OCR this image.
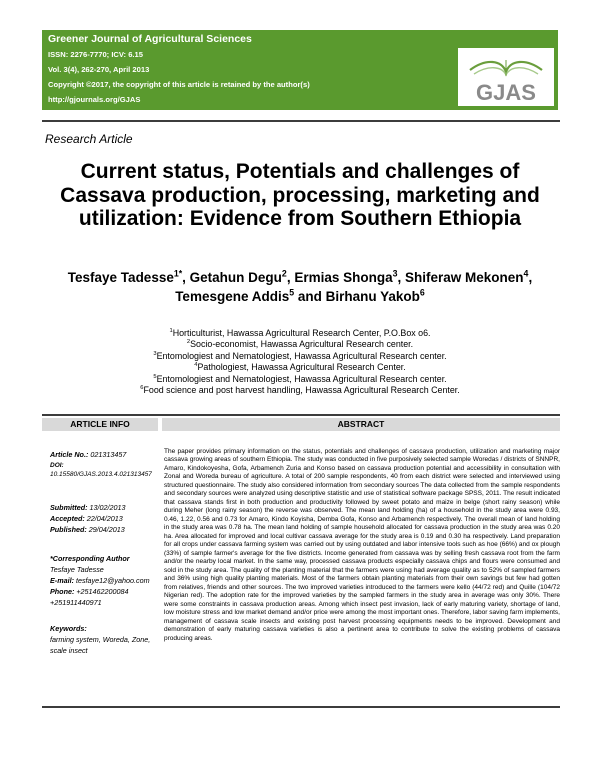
Greener Journal of Agricultural Sciences
ISSN: 2276-7770; ICV: 6.15
Vol. 3(4), 262-270, April 2013
Copyright ©2017, the copyright of this article is retained by the author(s)
http://gjournals.org/GJAS	GJAS
Research Article
Current status, Potentials and challenges of Cassava production, processing, marketing and utilization: Evidence from Southern Ethiopia
Tesfaye Tadesse$^{1*}$, Getahun Degu$^2$, Ermias Shonga$^3$, Shiferaw Mekonen$^4$, Temesgene Addis$^5$ and Birhanu Yakob$^6$
$^1$Horticulturist, Hawassa Agricultural Research Center, P.O.Box o6.
$^2$Socio-economist, Hawassa Agricultural Research center.
$^3$Entomologiest and Nematologiest, Hawassa Agricultural Research center.
$^4$Pathologiest, Hawassa Agricultural Research Center.
$^5$Entomologiest and Nematologiest, Hawassa Agricultural Research center.
$^6$Food science and post harvest handling, Hawassa Agricultural Research Center.
ARTICLE INFO	ABSTRACT
Article No.: 021313457
DOI: 10.15580/GJAS.2013.4.021313457
Submitted: 13/02/2013
Accepted: 22/04/2013
Published: 29/04/2013
*Corresponding Author
Tesfaye Tadesse
E-mail: tesfaye12@yahoo.com
Phone: +251462200084
+251911440971
Keywords:
farming system, Woreda, Zone, scale insect
The paper provides primary information on the status, potentials and challenges of cassava production, utilization and marketing major cassava growing areas of southern Ethiopia. The study was conducted in five purposively selected sample Woredas / districts of SNNPR, Amaro, Kindokoyesha, Gofa, Arbamench Zuria and Konso based on cassava production potential and accessibility in consultation with Zonal and Woreda bureau of agriculture. A total of 200 sample respondents, 40 from each district were selected and interviewed using structured questionnaire. The study also considered information from secondary sources The data collected from the sample respondents and secondary sources were analyzed using descriptive statistic and use of statistical software package SPSS, 2011. The result indicated that cassava stands first in both production and productivity followed by sweet potato and maize in belge (short rainy season) while during Meher (long rainy season) the reverse was observed. The mean land holding (ha) of a household in the study area were 0.93, 0.46, 1.22, 0.56 and 0.73 for Amaro, Kindo Koyisha, Demba Gofa, Konso and Arbamench respectively. The overall mean of land holding in the study area was 0.78 ha. The mean land holding of sample household allocated for cassava production in the study area was 0.20 ha. Area allocated for improved and local cultivar cassava average for the study area is 0.19 and 0.30 ha respectively. Land preparation for all crops under cassava farming system was carried out by using outdated and labor intensive tools such as hoe (66%) and ox plough (33%) of sample farmer's average for the five districts. Income generated from cassava was by selling fresh cassava root from the farm and/or the nearby local market. In the same way, processed cassava products especially cassava chips and flours were consumed and sold in the study area. The quality of the planting material that the farmers were using had average quality as to 52% of sampled farmers and 36% using high quality planting materials. Most of the farmers obtain planting materials from their own savings but few had gotten from relatives, friends and other sources. The two improved varieties introduced to the farmers were kello (44/72 red) and Quille (104/72 Nigerian red). The adoption rate for the improved varieties by the sampled farmers in the study area in average was only 30%. There were some constraints in cassava production areas. Among which insect pest invasion, lack of early maturing variety, shortage of land, low moisture stress and low market demand and/or price were among the most important ones. Therefore, labor saving farm implements, management of cassava scale insects and existing post harvest processing equipments needs to be improved. Development and demonstration of early maturing cassava varieties is also a pertinent area to contribute to solve the existing problems of cassava producing areas.
